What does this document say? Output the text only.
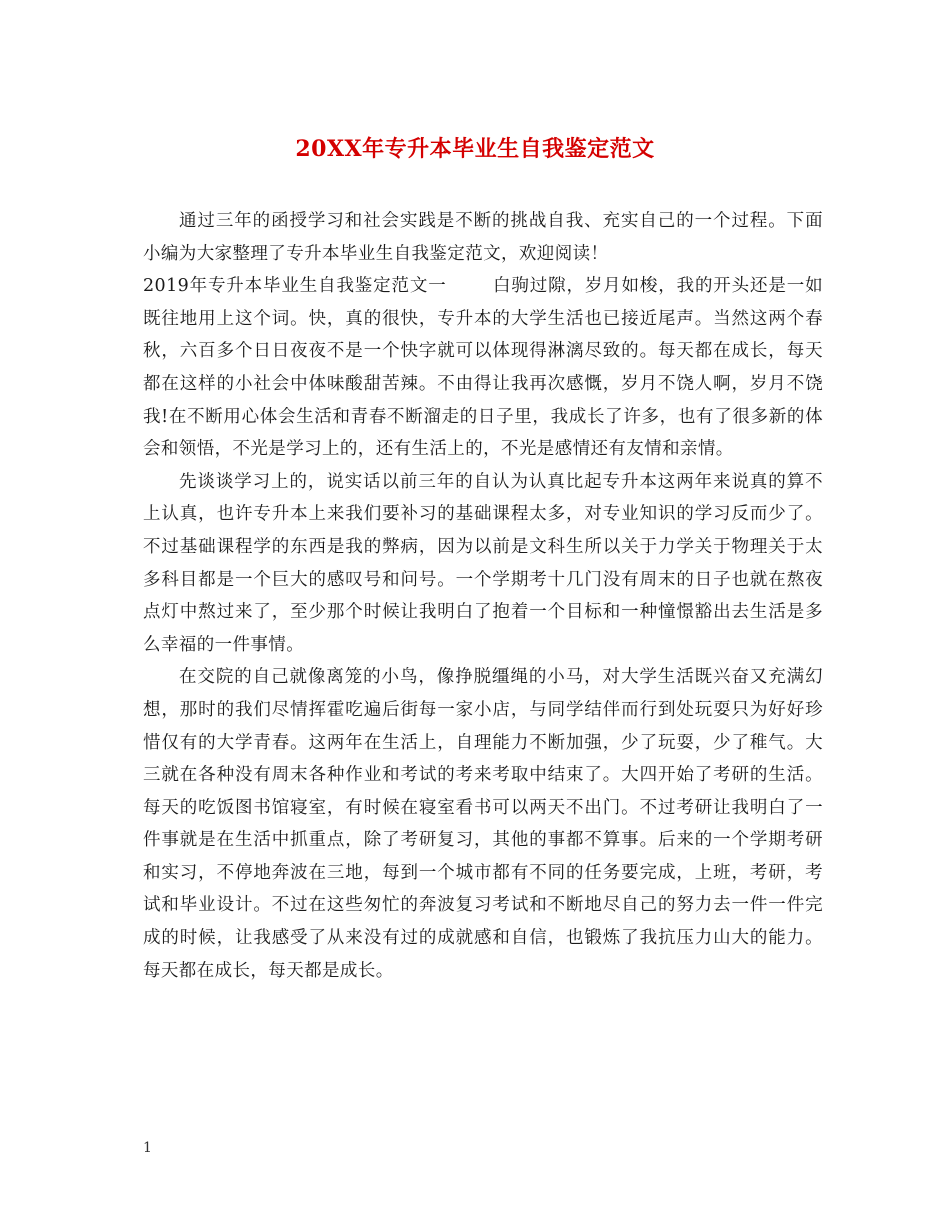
20XX年专升本毕业生自我鉴定范文

通过三年的函授学习和社会实践是不断的挑战自我、充实自己的一个过程。下面小编为大家整理了专升本毕业生自我鉴定范文，欢迎阅读！

2019年专升本毕业生自我鉴定范文一	白驹过隙，岁月如梭，我的开头还是一如既往地用上这个词。快，真的很快，专升本的大学生活也已接近尾声。当然这两个春秋，六百多个日日夜夜不是一个快字就可以体现得淋漓尽致的。每天都在成长，每天都在这样的小社会中体味酸甜苦辣。不由得让我再次感慨，岁月不饶人啊，岁月不饶我!在不断用心体会生活和青春不断溜走的日子里，我成长了许多，也有了很多新的体会和领悟，不光是学习上的，还有生活上的，不光是感情还有友情和亲情。

先谈谈学习上的，说实话以前三年的自认为认真比起专升本这两年来说真的算不上认真，也许专升本上来我们要补习的基础课程太多，对专业知识的学习反而少了。不过基础课程学的东西是我的弊病，因为以前是文科生所以关于力学关于物理关于太多科目都是一个巨大的感叹号和问号。一个学期考十几门没有周末的日子也就在熬夜点灯中熬过来了，至少那个时候让我明白了抱着一个目标和一种憧憬豁出去生活是多么幸福的一件事情。

在交院的自己就像离笼的小鸟，像挣脱缰绳的小马，对大学生活既兴奋又充满幻想，那时的我们尽情挥霍吃遍后街每一家小店，与同学结伴而行到处玩耍只为好好珍惜仅有的大学青春。这两年在生活上，自理能力不断加强，少了玩耍，少了稚气。大三就在各种没有周末各种作业和考试的考来考取中结束了。大四开始了考研的生活。每天的吃饭图书馆寝室，有时候在寝室看书可以两天不出门。不过考研让我明白了一件事就是在生活中抓重点，除了考研复习，其他的事都不算事。后来的一个学期考研和实习，不停地奔波在三地，每到一个城市都有不同的任务要完成，上班，考研，考试和毕业设计。不过在这些匆忙的奔波复习考试和不断地尽自己的努力去一件一件完成的时候，让我感受了从来没有过的成就感和自信，也锻炼了我抗压力山大的能力。每天都在成长，每天都是成长。

1
